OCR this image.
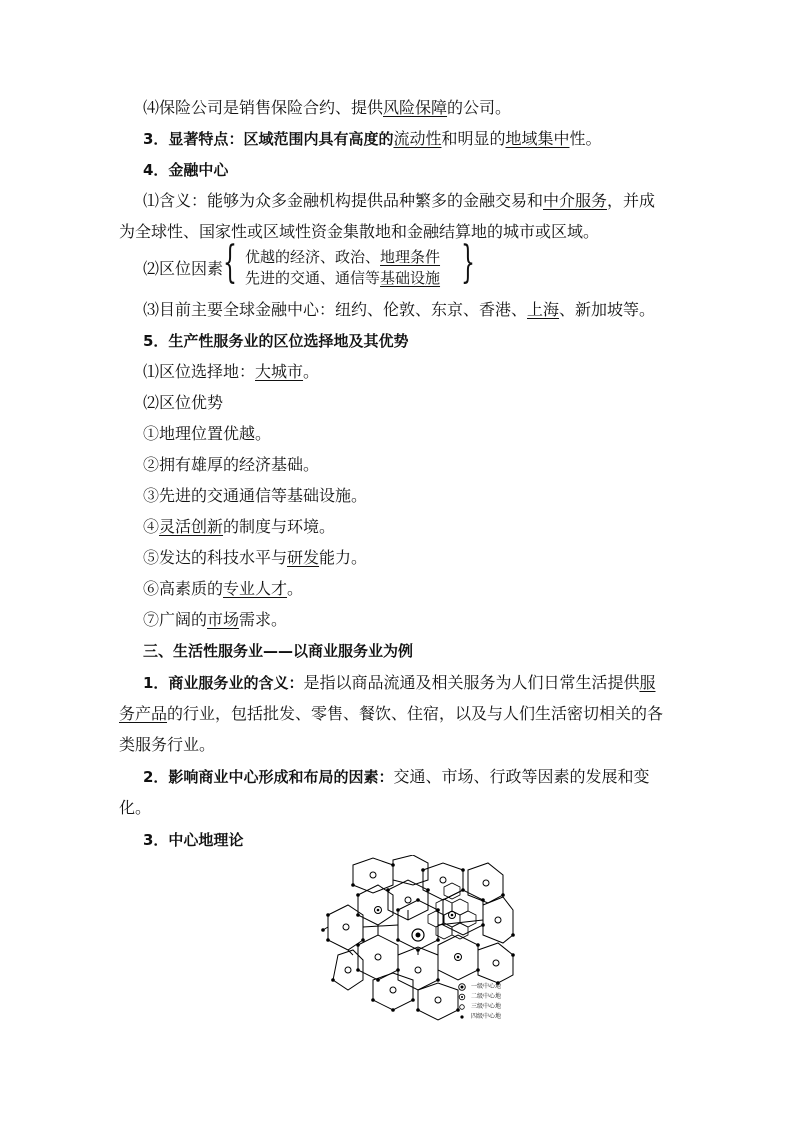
⑷保险公司是销售保险合约、提供风险保障的公司。
3．显著特点：区域范围内具有高度的流动性和明显的地域集中性。
4．金融中心
⑴含义：能够为众多金融机构提供品种繁多的金融交易和中介服务，并成
为全球性、国家性或区域性资金集散地和金融结算地的城市或区域。
⑵区位因素 { 优越的经济、政治、地理条件
先进的交通、通信等基础设施 }
⑶目前主要全球金融中心：纽约、伦敦、东京、香港、上海、新加坡等。
5．生产性服务业的区位选择地及其优势
⑴区位选择地：大城市。
⑵区位优势
①地理位置优越。
②拥有雄厚的经济基础。
③先进的交通通信等基础设施。
④灵活创新的制度与环境。
⑤发达的科技水平与研发能力。
⑥高素质的专业人才。
⑦广阔的市场需求。
三、生活性服务业——以商业服务业为例
1．商业服务业的含义：是指以商品流通及相关服务为人们日常生活提供服
务产品的行业，包括批发、零售、餐饮、住宿，以及与人们生活密切相关的各
类服务行业。
2．影响商业中心形成和布局的因素：交通、市场、行政等因素的发展和变
化。
3．中心地理论
一级中心地
二级中心地
三级中心地
四级中心地
